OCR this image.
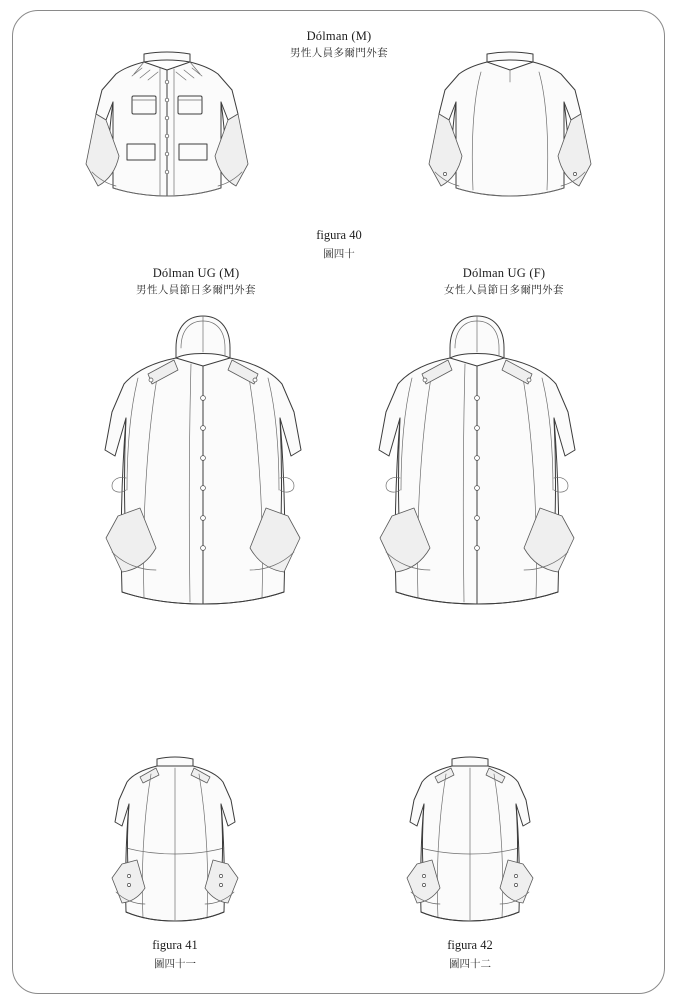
Dólman (M)
男性人員多爾門外套
figura 40
圖四十
Dólman UG (M)
男性人員節日多爾門外套
Dólman UG (F)
女性人員節日多爾門外套
figura 41
圖四十一
figura 42
圖四十二
